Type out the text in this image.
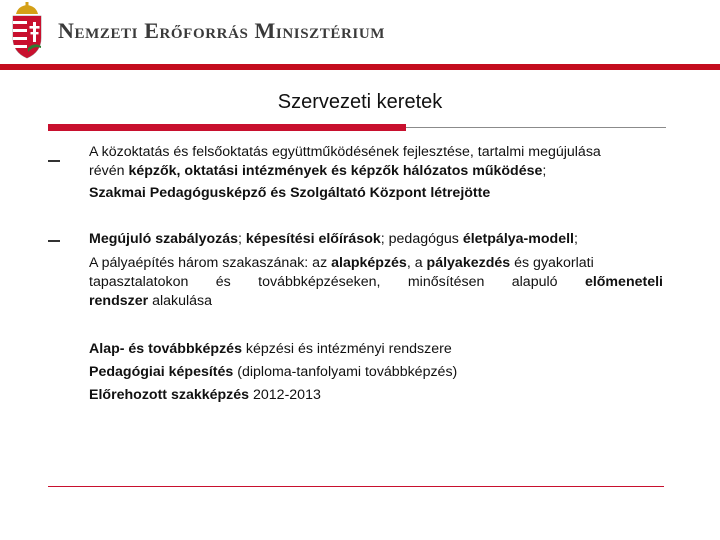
Nemzeti Erőforrás Minisztérium
Szervezeti keretek
A közoktatás és felsőoktatás együttműködésének fejlesztése, tartalmi megújulása
révén képzők, oktatási intézmények és képzők hálózatos működése;
Szakmai Pedagógusképző és Szolgáltató Központ létrejötte
Megújuló szabályozás; képesítési előírások; pedagógus életpálya-modell;
A pályaépítés három szakaszának: az alapképzés, a pályakezdés és gyakorlati
tapasztalatokon és továbbképzéseken, minősítésen alapuló előmeneteli
rendszer alakulása
Alap- és továbbképzés képzési és intézményi rendszere
Pedagógiai képesítés (diploma-tanfolyami továbbképzés)
Előrehozott szakképzés 2012-2013
